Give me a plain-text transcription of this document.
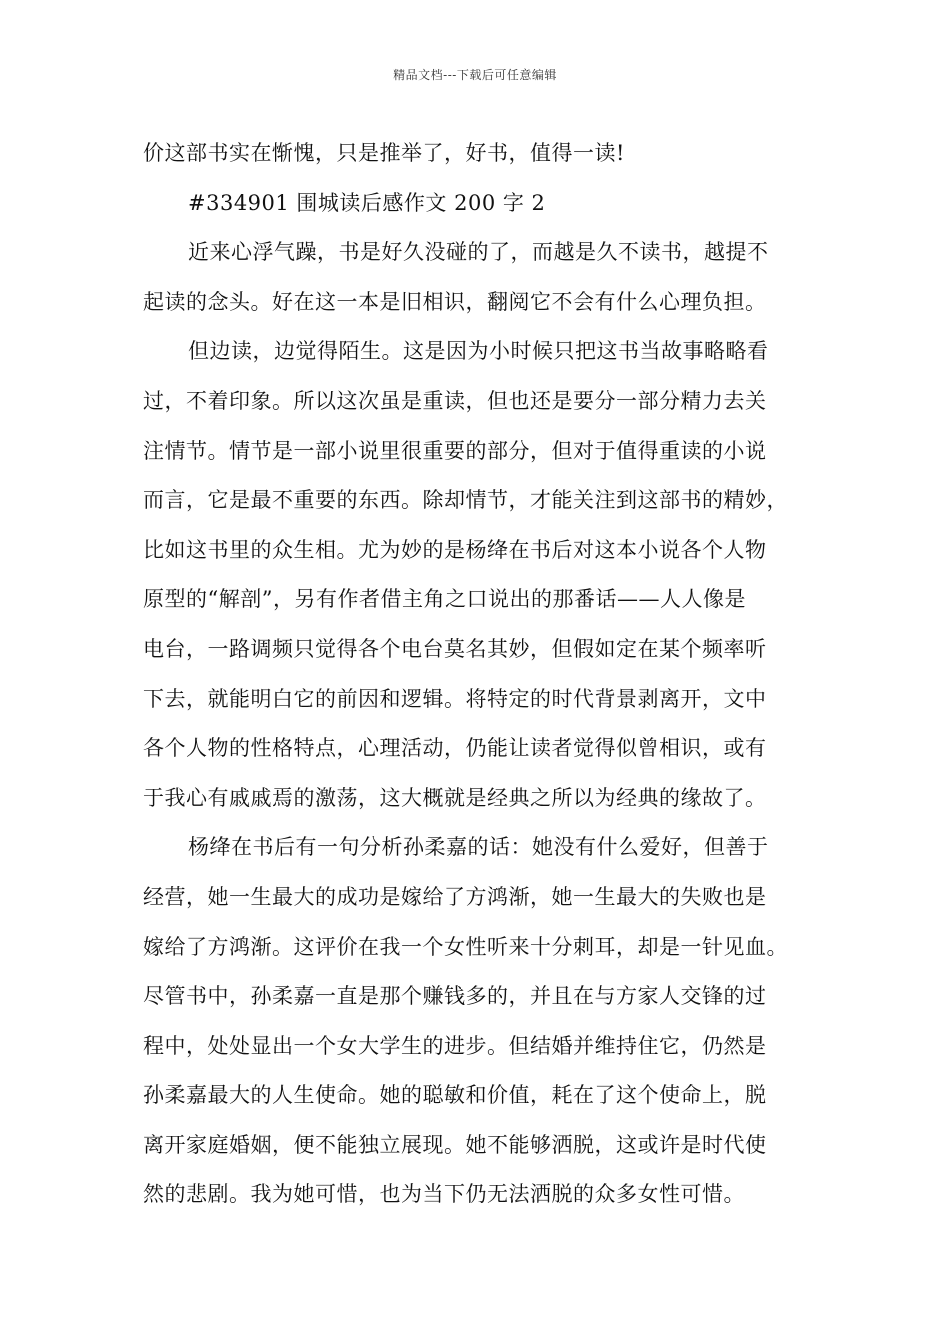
精品文档---下载后可任意编辑
价这部书实在惭愧，只是推举了，好书，值得一读!
#334901 围城读后感作文 200 字 2
近来心浮气躁，书是好久没碰的了，而越是久不读书，越提不
起读的念头。好在这一本是旧相识，翻阅它不会有什么心理负担。
但边读，边觉得陌生。这是因为小时候只把这书当故事略略看
过，不着印象。所以这次虽是重读，但也还是要分一部分精力去关
注情节。情节是一部小说里很重要的部分，但对于值得重读的小说
而言，它是最不重要的东西。除却情节，才能关注到这部书的精妙，
比如这书里的众生相。尤为妙的是杨绛在书后对这本小说各个人物
原型的“解剖”，另有作者借主角之口说出的那番话——人人像是
电台，一路调频只觉得各个电台莫名其妙，但假如定在某个频率听
下去，就能明白它的前因和逻辑。将特定的时代背景剥离开，文中
各个人物的性格特点，心理活动，仍能让读者觉得似曾相识，或有
于我心有戚戚焉的激荡，这大概就是经典之所以为经典的缘故了。
杨绛在书后有一句分析孙柔嘉的话：她没有什么爱好，但善于
经营，她一生最大的成功是嫁给了方鸿渐，她一生最大的失败也是
嫁给了方鸿渐。这评价在我一个女性听来十分刺耳，却是一针见血。
尽管书中，孙柔嘉一直是那个赚钱多的，并且在与方家人交锋的过
程中，处处显出一个女大学生的进步。但结婚并维持住它，仍然是
孙柔嘉最大的人生使命。她的聪敏和价值，耗在了这个使命上，脱
离开家庭婚姻，便不能独立展现。她不能够洒脱，这或许是时代使
然的悲剧。我为她可惜，也为当下仍无法洒脱的众多女性可惜。
